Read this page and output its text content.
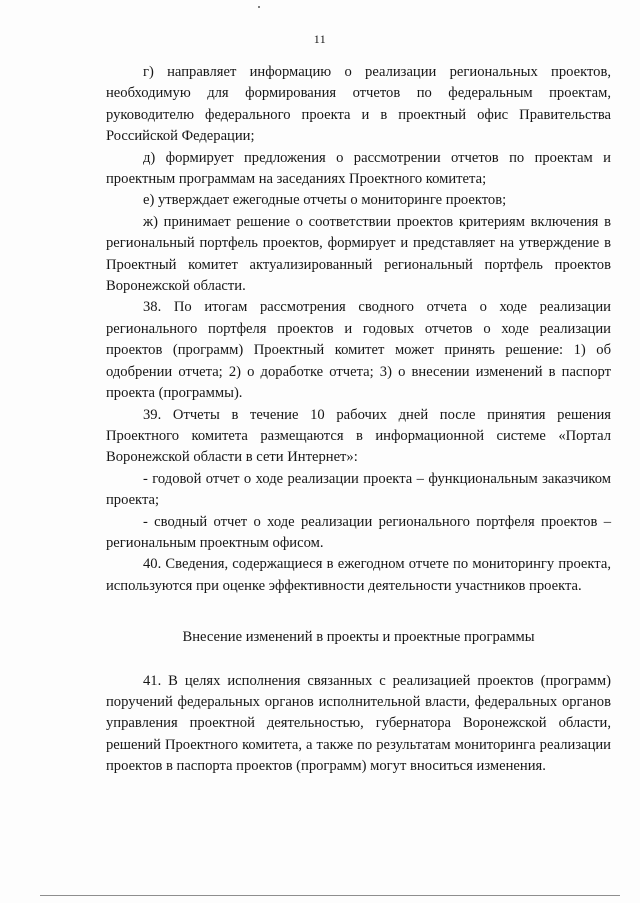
11

г) направляет информацию о реализации региональных проектов, необходимую для формирования отчетов по федеральным проектам, руководителю федерального проекта и в проектный офис Правительства Российской Федерации;

д) формирует предложения о рассмотрении отчетов по проектам и проектным программам на заседаниях Проектного комитета;

е) утверждает ежегодные отчеты о мониторинге проектов;

ж) принимает решение о соответствии проектов критериям включения в региональный портфель проектов, формирует и представляет на утверждение в Проектный комитет актуализированный региональный портфель проектов Воронежской области.

38. По итогам рассмотрения сводного отчета о ходе реализации регионального портфеля проектов и годовых отчетов о ходе реализации проектов (программ) Проектный комитет может принять решение: 1) об одобрении отчета; 2) о доработке отчета; 3) о внесении изменений в паспорт проекта (программы).

39. Отчеты в течение 10 рабочих дней после принятия решения Проектного комитета размещаются в информационной системе «Портал Воронежской области в сети Интернет»:

- годовой отчет о ходе реализации проекта – функциональным заказчиком проекта;

- сводный отчет о ходе реализации регионального портфеля проектов – региональным проектным офисом.

40. Сведения, содержащиеся в ежегодном отчете по мониторингу проекта, используются при оценке эффективности деятельности участников проекта.

Внесение изменений в проекты и проектные программы

41. В целях исполнения связанных с реализацией проектов (программ) поручений федеральных органов исполнительной власти, федеральных органов управления проектной деятельностью, губернатора Воронежской области, решений Проектного комитета, а также по результатам мониторинга реализации проектов в паспорта проектов (программ) могут вноситься изменения.
